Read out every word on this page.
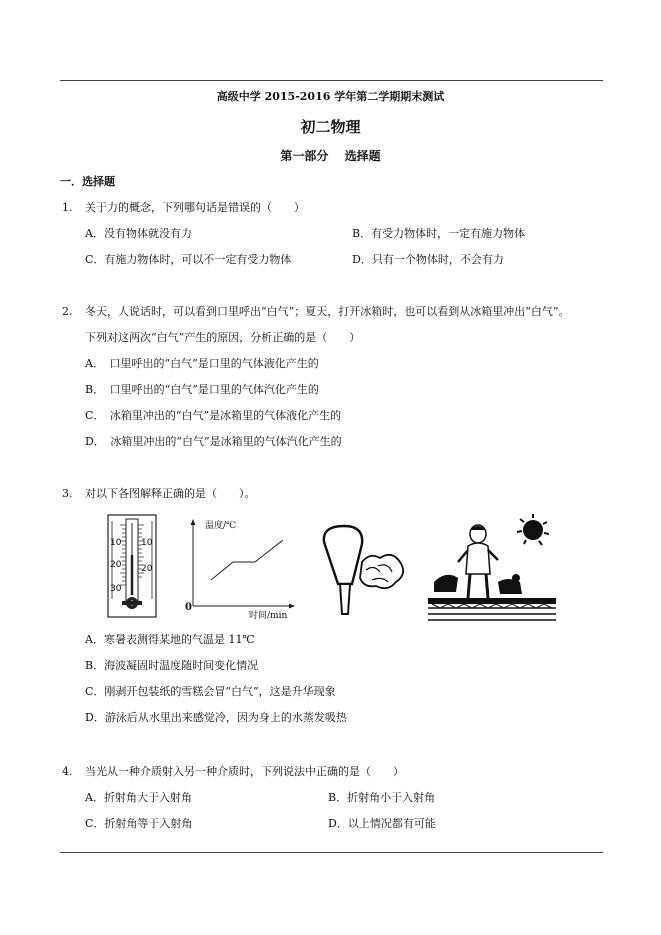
高级中学 2015-2016 学年第二学期期末测试
初二物理
第一部分　 选择题
一．选择题
1. 关于力的概念，下列哪句话是错误的（　　）
A．没有物体就没有力	B．有受力物体时，一定有施力物体
C．有施力物体时，可以不一定有受力物体	D．只有一个物体时，不会有力
2. 冬天，人说话时，可以看到口里呼出“白气”；夏天，打开冰箱时，也可以看到从冰箱里冲出“白气”。
下列对这两次“白气”产生的原因，分析正确的是（　　）
A．　口里呼出的“白气”是口里的气体液化产生的
B．　口里呼出的“白气”是口里的气体汽化产生的
C．　冰箱里冲出的“白气”是冰箱里的气体液化产生的
D．　冰箱里冲出的“白气”是冰箱里的气体汽化产生的
3. 对以下各图解释正确的是（　　）。
10
20
30
10
20
温度/℃
0
时间/min
A．寒暑表测得某地的气温是 11℃
B．海波凝固时温度随时间变化情况
C．刚剥开包装纸的雪糕会冒“白气”，这是升华现象
D．游泳后从水里出来感觉冷，因为身上的水蒸发吸热
4. 当光从一种介质射入另一种介质时，下列说法中正确的是（　　）
A．折射角大于入射角	B．折射角小于入射角
C．折射角等于入射角	D．以上情况都有可能
